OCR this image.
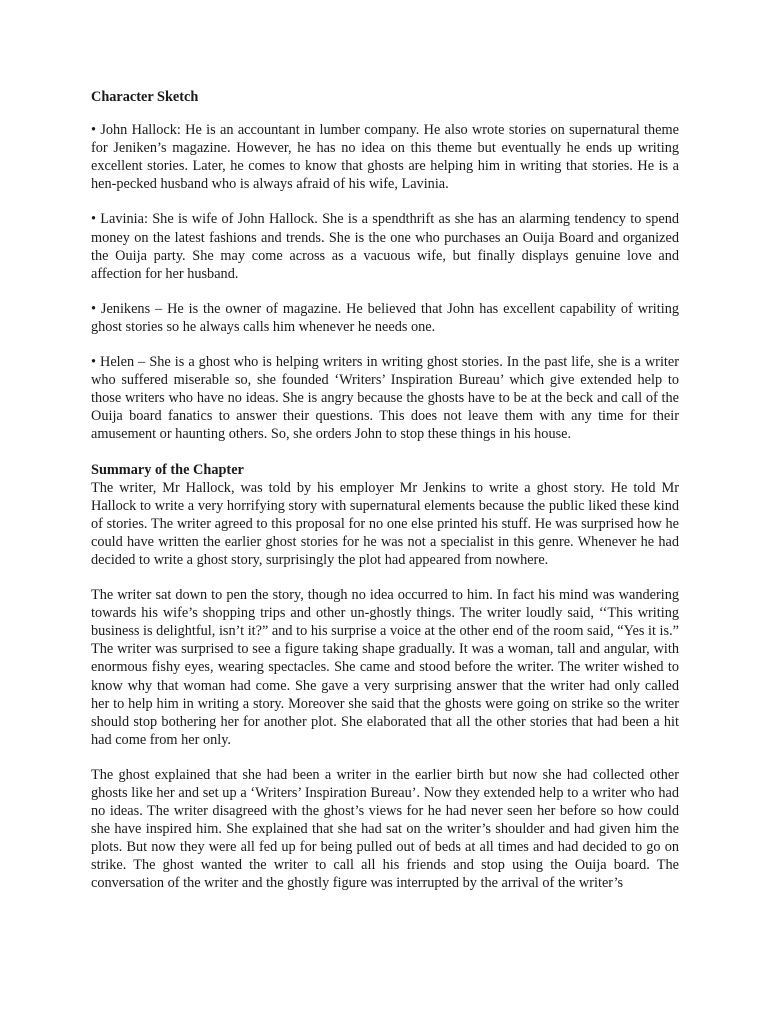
Character Sketch

• John Hallock: He is an accountant in lumber company. He also wrote stories on supernatural theme for Jeniken’s magazine. However, he has no idea on this theme but eventually he ends up writing excellent stories. Later, he comes to know that ghosts are helping him in writing that stories. He is a hen-pecked husband who is always afraid of his wife, Lavinia.

• Lavinia: She is wife of John Hallock. She is a spendthrift as she has an alarming tendency to spend money on the latest fashions and trends. She is the one who purchases an Ouija Board and organized the Ouija party. She may come across as a vacuous wife, but finally displays genuine love and affection for her husband.

• Jenikens – He is the owner of magazine. He believed that John has excellent capability of writing ghost stories so he always calls him whenever he needs one.

• Helen – She is a ghost who is helping writers in writing ghost stories. In the past life, she is a writer who suffered miserable so, she founded ‘Writers’ Inspiration Bureau’ which give extended help to those writers who have no ideas. She is angry because the ghosts have to be at the beck and call of the Ouija board fanatics to answer their questions. This does not leave them with any time for their amusement or haunting others. So, she orders John to stop these things in his house.

Summary of the Chapter

The writer, Mr Hallock, was told by his employer Mr Jenkins to write a ghost story. He told Mr Hallock to write a very horrifying story with supernatural elements because the public liked these kind of stories. The writer agreed to this proposal for no one else printed his stuff. He was surprised how he could have written the earlier ghost stories for he was not a specialist in this genre. Whenever he had decided to write a ghost story, surprisingly the plot had appeared from nowhere.

The writer sat down to pen the story, though no idea occurred to him. In fact his mind was wandering towards his wife’s shopping trips and other un-ghostly things. The writer loudly said, ‘‘This writing business is delightful, isn’t it?” and to his surprise a voice at the other end of the room said, “Yes it is.” The writer was surprised to see a figure taking shape gradually. It was a woman, tall and angular, with enormous fishy eyes, wearing spectacles. She came and stood before the writer. The writer wished to know why that woman had come. She gave a very surprising answer that the writer had only called her to help him in writing a story. Moreover she said that the ghosts were going on strike so the writer should stop bothering her for another plot. She elaborated that all the other stories that had been a hit had come from her only.

The ghost explained that she had been a writer in the earlier birth but now she had collected other ghosts like her and set up a ‘Writers’ Inspiration Bureau’. Now they extended help to a writer who had no ideas. The writer disagreed with the ghost’s views for he had never seen her before so how could she have inspired him. She explained that she had sat on the writer’s shoulder and had given him the plots. But now they were all fed up for being pulled out of beds at all times and had decided to go on strike. The ghost wanted the writer to call all his friends and stop using the Ouija board. The conversation of the writer and the ghostly figure was interrupted by the arrival of the writer’s
